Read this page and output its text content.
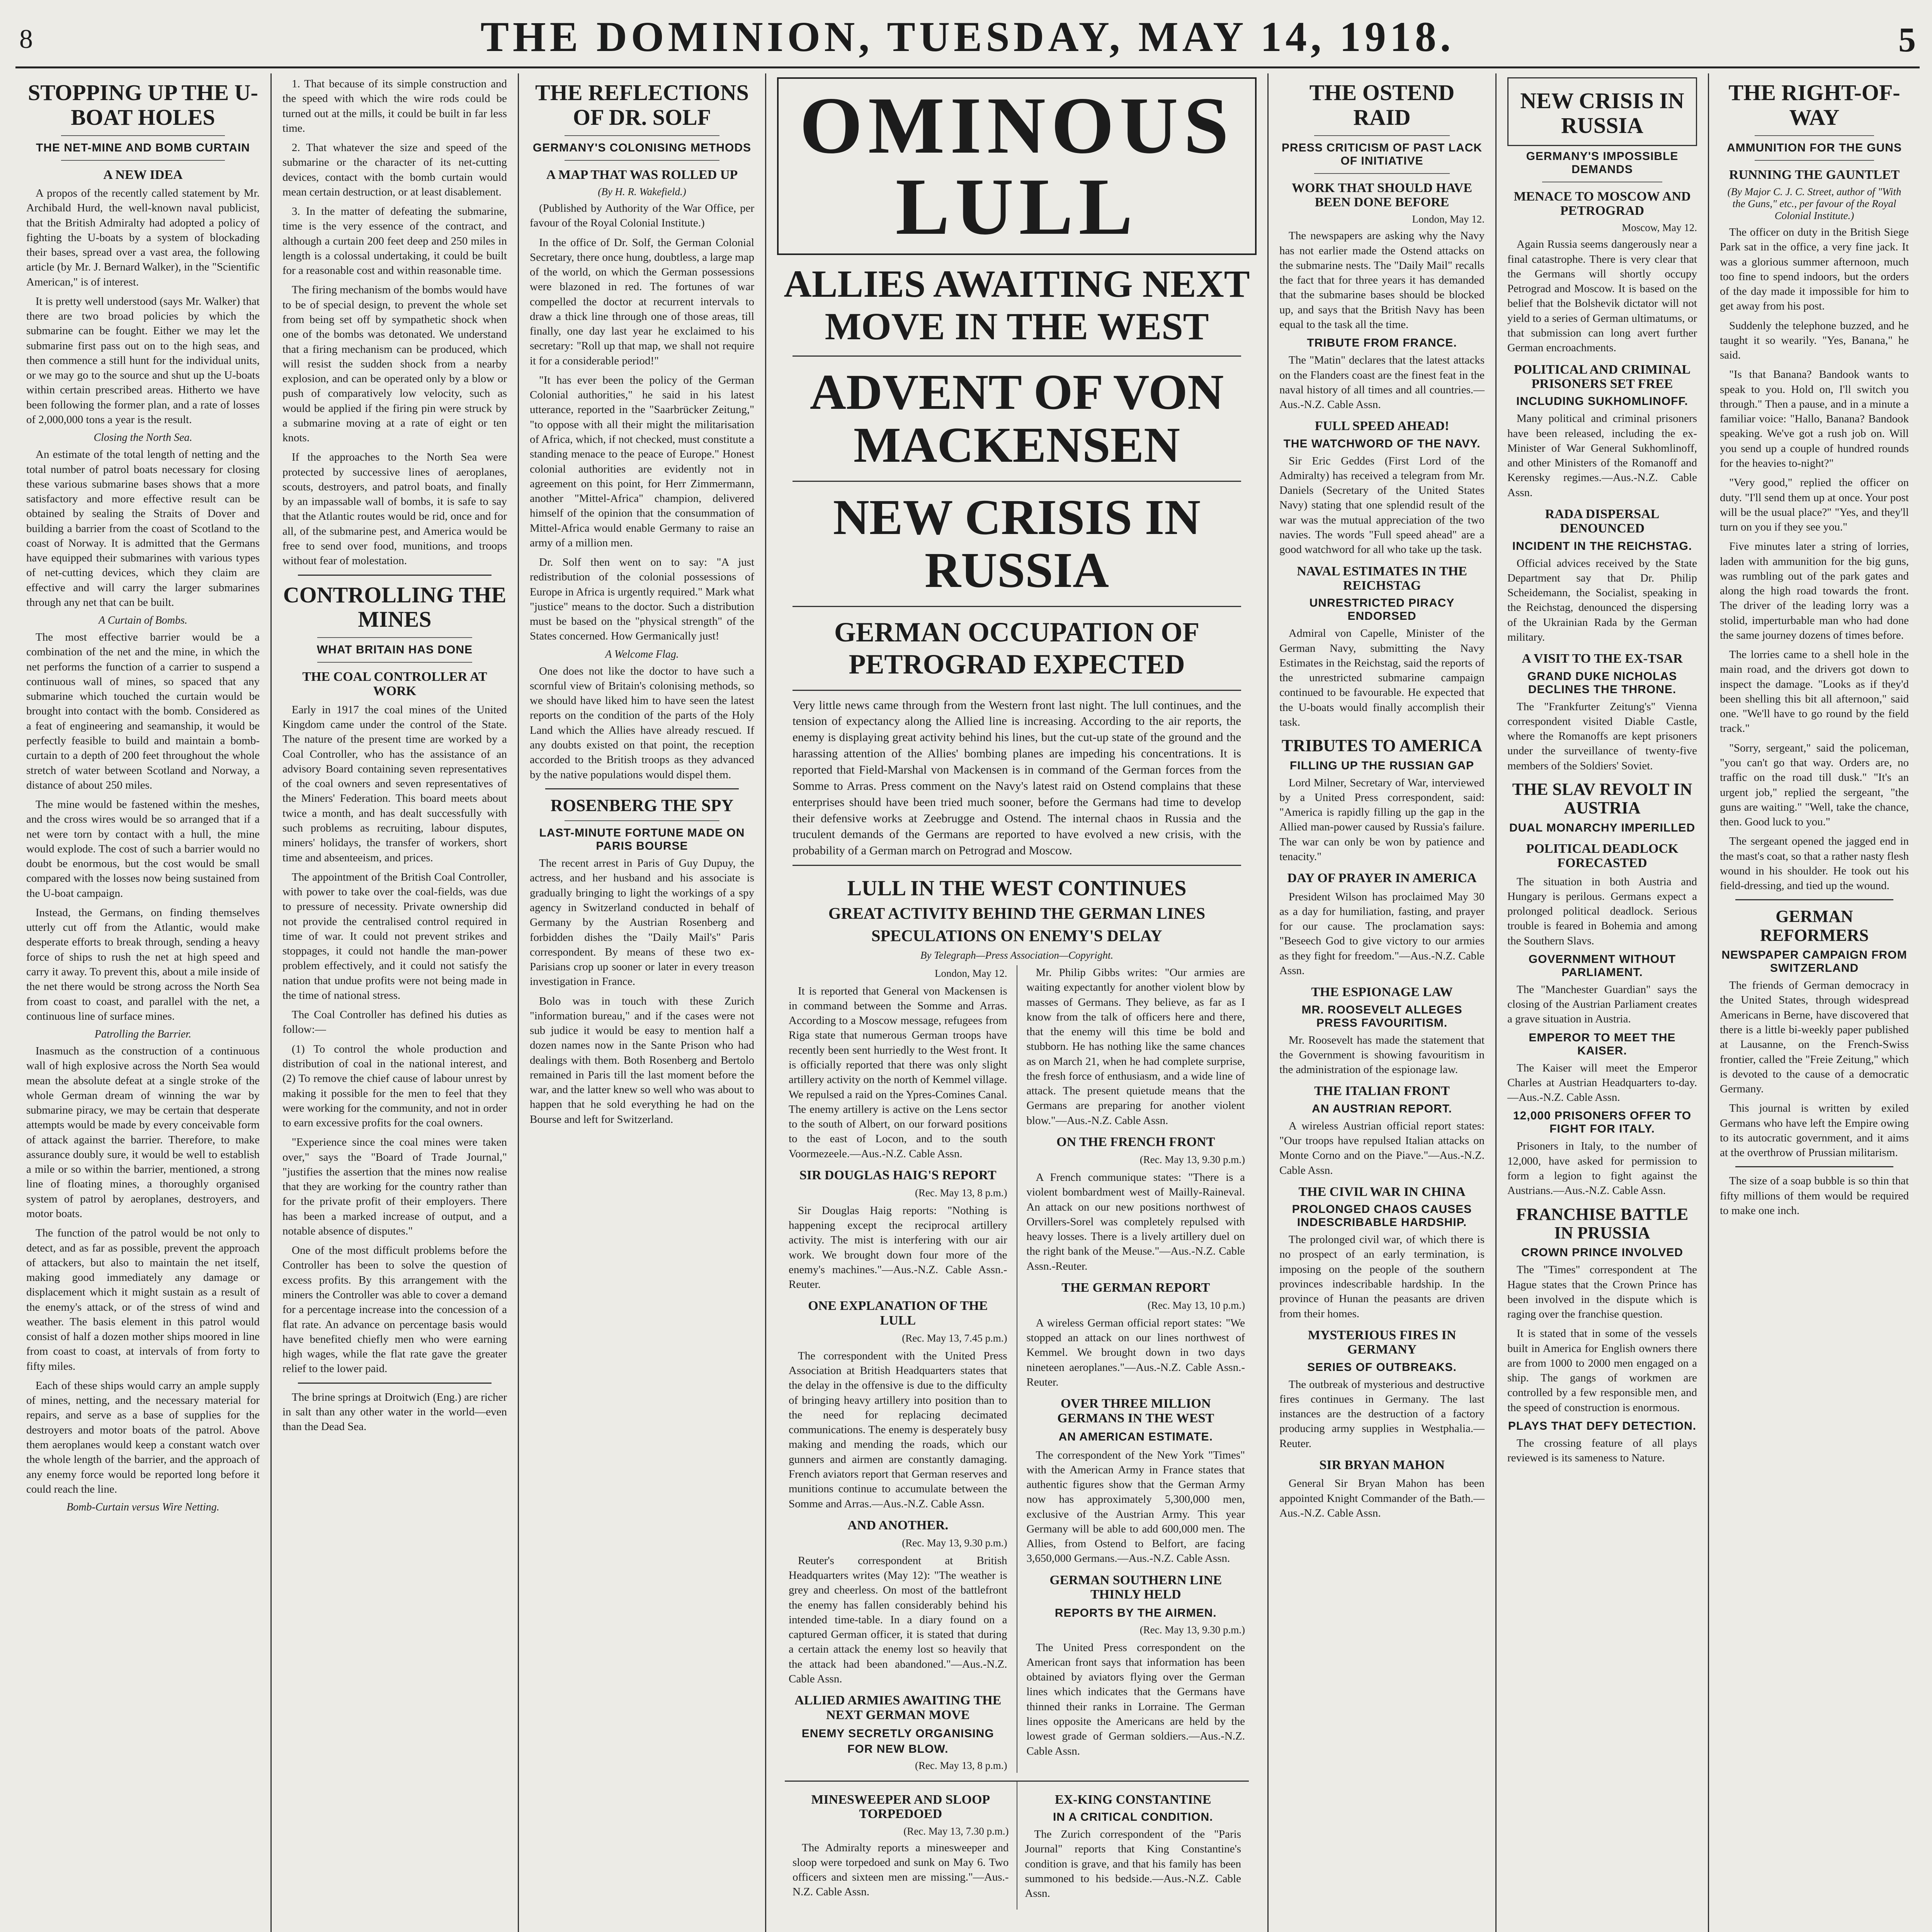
8	THE DOMINION, TUESDAY, MAY 14, 1918.	5
STOPPING UP THE U-BOAT HOLES
THE NET-MINE AND BOMB CURTAIN
A NEW IDEA

A propos of the recently called statement by Mr. Archibald Hurd, the well-known naval publicist, that the British Admiralty had adopted a policy of fighting the U-boats by a system of blockading their bases, spread over a vast area, the following article (by Mr. J. Bernard Walker), in the "Scientific American," is of interest.

It is pretty well understood (says Mr. Walker) that there are two broad policies by which the submarine can be fought. Either we may let the submarine first pass out on to the high seas, and then commence a still hunt for the individual units, or we may go to the source and shut up the U-boats within certain prescribed areas. Hitherto we have been following the former plan, and a rate of losses of 2,000,000 tons a year is the result.

Closing the North Sea.

An estimate of the total length of netting and the total number of patrol boats necessary for closing these various submarine bases shows that a more satisfactory and more effective result can be obtained by sealing the Straits of Dover and building a barrier from the coast of Scotland to the coast of Norway. It is admitted that the Germans have equipped their submarines with various types of net-cutting devices, which they claim are effective and will carry the larger submarines through any net that can be built.

A Curtain of Bombs.

The most effective barrier would be a combination of the net and the mine, in which the net performs the function of a carrier to suspend a continuous wall of mines, so spaced that any submarine which touched the curtain would be brought into contact with the bomb. Considered as a feat of engineering and seamanship, it would be perfectly feasible to build and maintain a bomb-curtain to a depth of 200 feet throughout the whole stretch of water between Scotland and Norway, a distance of about 250 miles.

The mine would be fastened within the meshes, and the cross wires would be so arranged that if a net were torn by contact with a hull, the mine would explode. The cost of such a barrier would no doubt be enormous, but the cost would be small compared with the losses now being sustained from the U-boat campaign.

Instead, the Germans, on finding themselves utterly cut off from the Atlantic, would make desperate efforts to break through, sending a heavy force of ships to rush the net at high speed and carry it away. To prevent this, about a mile inside of the net there would be strong across the North Sea from coast to coast, and parallel with the net, a continuous line of surface mines.

Patrolling the Barrier.

Inasmuch as the construction of a continuous wall of high explosive across the North Sea would mean the absolute defeat at a single stroke of the whole German dream of winning the war by submarine piracy, we may be certain that desperate attempts would be made by every conceivable form of attack against the barrier. Therefore, to make assurance doubly sure, it would be well to establish a mile or so within the barrier, mentioned, a strong line of floating mines, a thoroughly organised system of patrol by aeroplanes, destroyers, and motor boats.

The function of the patrol would be not only to detect, and as far as possible, prevent the approach of attackers, but also to maintain the net itself, making good immediately any damage or displacement which it might sustain as a result of the enemy's attack, or of the stress of wind and weather. The basis element in this patrol would consist of half a dozen mother ships moored in line from coast to coast, at intervals of from forty to fifty miles.

Each of these ships would carry an ample supply of mines, netting, and the necessary material for repairs, and serve as a base of supplies for the destroyers and motor boats of the patrol. Above them aeroplanes would keep a constant watch over the whole length of the barrier, and the approach of any enemy force would be reported long before it could reach the line.

Bomb-Curtain versus Wire Netting.

1. That because of its simple construction and the speed with which the wire rods could be turned out at the mills, it could be built in far less time.

2. That whatever the size and speed of the submarine or the character of its net-cutting devices, contact with the bomb curtain would mean certain destruction, or at least disablement.

3. In the matter of defeating the submarine, time is the very essence of the contract, and although a curtain 200 feet deep and 250 miles in length is a colossal undertaking, it could be built for a reasonable cost and within reasonable time.

The firing mechanism of the bombs would have to be of special design, to prevent the whole set from being set off by sympathetic shock when one of the bombs was detonated. We understand that a firing mechanism can be produced, which will resist the sudden shock from a nearby explosion, and can be operated only by a blow or push of comparatively low velocity, such as would be applied if the firing pin were struck by a submarine moving at a rate of eight or ten knots.

If the approaches to the North Sea were protected by successive lines of aeroplanes, scouts, destroyers, and patrol boats, and finally by an impassable wall of bombs, it is safe to say that the Atlantic routes would be rid, once and for all, of the submarine pest, and America would be free to send over food, munitions, and troops without fear of molestation.

CONTROLLING THE MINES
WHAT BRITAIN HAS DONE
THE COAL CONTROLLER AT WORK

Early in 1917 the coal mines of the United Kingdom came under the control of the State. The nature of the present time are worked by a Coal Controller, who has the assistance of an advisory Board containing seven representatives of the coal owners and seven representatives of the Miners' Federation. This board meets about twice a month, and has dealt successfully with such problems as recruiting, labour disputes, miners' holidays, the transfer of workers, short time and absenteeism, and prices.

The appointment of the British Coal Controller, with power to take over the coal-fields, was due to pressure of necessity. Private ownership did not provide the centralised control required in time of war. It could not prevent strikes and stoppages, it could not handle the man-power problem effectively, and it could not satisfy the nation that undue profits were not being made in the time of national stress.

The Coal Controller has defined his duties as follow:—

(1) To control the whole production and distribution of coal in the national interest, and (2) To remove the chief cause of labour unrest by making it possible for the men to feel that they were working for the community, and not in order to earn excessive profits for the coal owners.

"Experience since the coal mines were taken over," says the "Board of Trade Journal," "justifies the assertion that the mines now realise that they are working for the country rather than for the private profit of their employers. There has been a marked increase of output, and a notable absence of disputes."

One of the most difficult problems before the Controller has been to solve the question of excess profits. By this arrangement with the miners the Controller was able to cover a demand for a percentage increase into the concession of a flat rate. An advance on percentage basis would have benefited chiefly men who were earning high wages, while the flat rate gave the greater relief to the lower paid.

The brine springs at Droitwich (Eng.) are richer in salt than any other water in the world—even than the Dead Sea.

THE REFLECTIONS OF DR. SOLF
GERMANY'S COLONISING METHODS
A MAP THAT WAS ROLLED UP
(By H. R. Wakefield.)

(Published by Authority of the War Office, per favour of the Royal Colonial Institute.)

In the office of Dr. Solf, the German Colonial Secretary, there once hung, doubtless, a large map of the world, on which the German possessions were blazoned in red. The fortunes of war compelled the doctor at recurrent intervals to draw a thick line through one of those areas, till finally, one day last year he exclaimed to his secretary: "Roll up that map, we shall not require it for a considerable period!"

"It has ever been the policy of the German Colonial authorities," he said in his latest utterance, reported in the "Saarbrücker Zeitung," "to oppose with all their might the militarisation of Africa, which, if not checked, must constitute a standing menace to the peace of Europe." Honest colonial authorities are evidently not in agreement on this point, for Herr Zimmermann, another "Mittel-Africa" champion, delivered himself of the opinion that the consummation of Mittel-Africa would enable Germany to raise an army of a million men.

Dr. Solf then went on to say: "A just redistribution of the colonial possessions of Europe in Africa is urgently required." Mark what "justice" means to the doctor. Such a distribution must be based on the "physical strength" of the States concerned. How Germanically just!

A Welcome Flag.

One does not like the doctor to have such a scornful view of Britain's colonising methods, so we should have liked him to have seen the latest reports on the condition of the parts of the Holy Land which the Allies have already rescued. If any doubts existed on that point, the reception accorded to the British troops as they advanced by the native populations would dispel them.

ROSENBERG THE SPY
LAST-MINUTE FORTUNE MADE ON PARIS BOURSE

The recent arrest in Paris of Guy Dupuy, the actress, and her husband and his associate is gradually bringing to light the workings of a spy agency in Switzerland conducted in behalf of Germany by the Austrian Rosenberg and forbidden dishes the "Daily Mail's" Paris correspondent. By means of these two ex-Parisians crop up sooner or later in every treason investigation in France.

Bolo was in touch with these Zurich "information bureau," and if the cases were not sub judice it would be easy to mention half a dozen names now in the Sante Prison who had dealings with them. Both Rosenberg and Bertolo remained in Paris till the last moment before the war, and the latter knew so well who was about to happen that he sold everything he had on the Bourse and left for Switzerland.

OMINOUS LULL
ALLIES AWAITING NEXT MOVE IN THE WEST
ADVENT OF VON MACKENSEN
NEW CRISIS IN RUSSIA
GERMAN OCCUPATION OF PETROGRAD EXPECTED

Very little news came through from the Western front last night. The lull continues, and the tension of expectancy along the Allied line is increasing. According to the air reports, the enemy is displaying great activity behind his lines, but the cut-up state of the ground and the harassing attention of the Allies' bombing planes are impeding his concentrations. It is reported that Field-Marshal von Mackensen is in command of the German forces from the Somme to Arras. Press comment on the Navy's latest raid on Ostend complains that these enterprises should have been tried much sooner, before the Germans had time to develop their defensive works at Zeebrugge and Ostend. The internal chaos in Russia and the truculent demands of the Germans are reported to have evolved a new crisis, with the probability of a German march on Petrograd and Moscow.

LULL IN THE WEST CONTINUES
GREAT ACTIVITY BEHIND THE GERMAN LINES
SPECULATIONS ON ENEMY'S DELAY
By Telegraph—Press Association—Copyright.
London, May 12.

It is reported that General von Mackensen is in command between the Somme and Arras. According to a Moscow message, refugees from Riga state that numerous German troops have recently been sent hurriedly to the West front. It is officially reported that there was only slight artillery activity on the north of Kemmel village. We repulsed a raid on the Ypres-Comines Canal. The enemy artillery is active on the Lens sector to the south of Albert, on our forward positions to the east of Locon, and to the south Voormezeele.—Aus.-N.Z. Cable Assn.

SIR DOUGLAS HAIG'S REPORT
(Rec. May 13, 8 p.m.)

Sir Douglas Haig reports: "Nothing is happening except the reciprocal artillery activity. The mist is interfering with our air work. We brought down four more of the enemy's machines."—Aus.-N.Z. Cable Assn.-Reuter.

ONE EXPLANATION OF THE LULL
(Rec. May 13, 7.45 p.m.)

The correspondent with the United Press Association at British Headquarters states that the delay in the offensive is due to the difficulty of bringing heavy artillery into position than to the need for replacing decimated communications. The enemy is desperately busy making and mending the roads, which our gunners and airmen are constantly damaging. French aviators report that German reserves and munitions continue to accumulate between the Somme and Arras.—Aus.-N.Z. Cable Assn.

AND ANOTHER.
(Rec. May 13, 9.30 p.m.)

Reuter's correspondent at British Headquarters writes (May 12): "The weather is grey and cheerless. On most of the battlefront the enemy has fallen considerably behind his intended time-table. In a diary found on a captured German officer, it is stated that during a certain attack the enemy lost so heavily that the attack had been abandoned."—Aus.-N.Z. Cable Assn.

ALLIED ARMIES AWAITING THE NEXT GERMAN MOVE
ENEMY SECRETLY ORGANISING FOR NEW BLOW.
(Rec. May 13, 8 p.m.)

Mr. Philip Gibbs writes: "Our armies are waiting expectantly for another violent blow by masses of Germans. They believe, as far as I know from the talk of officers here and there, that the enemy will this time be bold and stubborn. He has nothing like the same chances as on March 21, when he had complete surprise, the fresh force of enthusiasm, and a wide line of attack. The present quietude means that the Germans are preparing for another violent blow."—Aus.-N.Z. Cable Assn.

ON THE FRENCH FRONT
(Rec. May 13, 9.30 p.m.)

A French communique states: "There is a violent bombardment west of Mailly-Raineval. An attack on our new positions northwest of Orvillers-Sorel was completely repulsed with heavy losses. There is a lively artillery duel on the right bank of the Meuse."—Aus.-N.Z. Cable Assn.-Reuter.

THE GERMAN REPORT
(Rec. May 13, 10 p.m.)

A wireless German official report states: "We stopped an attack on our lines northwest of Kemmel. We brought down in two days nineteen aeroplanes."—Aus.-N.Z. Cable Assn.-Reuter.

OVER THREE MILLION GERMANS IN THE WEST
AN AMERICAN ESTIMATE.

The correspondent of the New York "Times" with the American Army in France states that authentic figures show that the German Army now has approximately 5,300,000 men, exclusive of the Austrian Army. This year Germany will be able to add 600,000 men. The Allies, from Ostend to Belfort, are facing 3,650,000 Germans.—Aus.-N.Z. Cable Assn.

GERMAN SOUTHERN LINE THINLY HELD
REPORTS BY THE AIRMEN.
(Rec. May 13, 9.30 p.m.)

The United Press correspondent on the American front says that information has been obtained by aviators flying over the German lines which indicates that the Germans have thinned their ranks in Lorraine. The German lines opposite the Americans are held by the lowest grade of German soldiers.—Aus.-N.Z. Cable Assn.

MINESWEEPER AND SLOOP TORPEDOED
(Rec. May 13, 7.30 p.m.)

The Admiralty reports a minesweeper and sloop were torpedoed and sunk on May 6. Two officers and sixteen men are missing."—Aus.-N.Z. Cable Assn.

EX-KING CONSTANTINE
IN A CRITICAL CONDITION.

The Zurich correspondent of the "Paris Journal" reports that King Constantine's condition is grave, and that his family has been summoned to his bedside.—Aus.-N.Z. Cable Assn.

THE OSTEND RAID
PRESS CRITICISM OF PAST LACK OF INITIATIVE
WORK THAT SHOULD HAVE BEEN DONE BEFORE
London, May 12.

The newspapers are asking why the Navy has not earlier made the Ostend attacks on the submarine nests. The "Daily Mail" recalls the fact that for three years it has demanded that the submarine bases should be blocked up, and says that the British Navy has been equal to the task all the time.

TRIBUTE FROM FRANCE.

The "Matin" declares that the latest attacks on the Flanders coast are the finest feat in the naval history of all times and all countries.—Aus.-N.Z. Cable Assn.

FULL SPEED AHEAD!
THE WATCHWORD OF THE NAVY.

Sir Eric Geddes (First Lord of the Admiralty) has received a telegram from Mr. Daniels (Secretary of the United States Navy) stating that one splendid result of the war was the mutual appreciation of the two navies. The words "Full speed ahead" are a good watchword for all who take up the task.

NAVAL ESTIMATES IN THE REICHSTAG
UNRESTRICTED PIRACY ENDORSED

Admiral von Capelle, Minister of the German Navy, submitting the Navy Estimates in the Reichstag, said the reports of the unrestricted submarine campaign continued to be favourable. He expected that the U-boats would finally accomplish their task.

TRIBUTES TO AMERICA
FILLING UP THE RUSSIAN GAP

Lord Milner, Secretary of War, interviewed by a United Press correspondent, said: "America is rapidly filling up the gap in the Allied man-power caused by Russia's failure. The war can only be won by patience and tenacity."

DAY OF PRAYER IN AMERICA

President Wilson has proclaimed May 30 as a day for humiliation, fasting, and prayer for our cause. The proclamation says: "Beseech God to give victory to our armies as they fight for freedom."—Aus.-N.Z. Cable Assn.

THE ESPIONAGE LAW
MR. ROOSEVELT ALLEGES PRESS FAVOURITISM.

Mr. Roosevelt has made the statement that the Government is showing favouritism in the administration of the espionage law.

THE ITALIAN FRONT
AN AUSTRIAN REPORT.

A wireless Austrian official report states: "Our troops have repulsed Italian attacks on Monte Corno and on the Piave."—Aus.-N.Z. Cable Assn.

THE CIVIL WAR IN CHINA
PROLONGED CHAOS CAUSES INDESCRIBABLE HARDSHIP.

The prolonged civil war, of which there is no prospect of an early termination, is imposing on the people of the southern provinces indescribable hardship. In the province of Hunan the peasants are driven from their homes.

MYSTERIOUS FIRES IN GERMANY
SERIES OF OUTBREAKS.

The outbreak of mysterious and destructive fires continues in Germany. The last instances are the destruction of a factory producing army supplies in Westphalia.—Reuter.

SIR BRYAN MAHON

General Sir Bryan Mahon has been appointed Knight Commander of the Bath.—Aus.-N.Z. Cable Assn.

NEW CRISIS IN RUSSIA
GERMANY'S IMPOSSIBLE DEMANDS
MENACE TO MOSCOW AND PETROGRAD
Moscow, May 12.

Again Russia seems dangerously near a final catastrophe. There is very clear that the Germans will shortly occupy Petrograd and Moscow. It is based on the belief that the Bolshevik dictator will not yield to a series of German ultimatums, or that submission can long avert further German encroachments.

POLITICAL AND CRIMINAL PRISONERS SET FREE
INCLUDING SUKHOMLINOFF.

Many political and criminal prisoners have been released, including the ex-Minister of War General Sukhomlinoff, and other Ministers of the Romanoff and Kerensky regimes.—Aus.-N.Z. Cable Assn.

RADA DISPERSAL DENOUNCED
INCIDENT IN THE REICHSTAG.

Official advices received by the State Department say that Dr. Philip Scheidemann, the Socialist, speaking in the Reichstag, denounced the dispersing of the Ukrainian Rada by the German military.

A VISIT TO THE EX-TSAR
GRAND DUKE NICHOLAS DECLINES THE THRONE.

The "Frankfurter Zeitung's" Vienna correspondent visited Diable Castle, where the Romanoffs are kept prisoners under the surveillance of twenty-five members of the Soldiers' Soviet.

THE SLAV REVOLT IN AUSTRIA
DUAL MONARCHY IMPERILLED
POLITICAL DEADLOCK FORECASTED

The situation in both Austria and Hungary is perilous. Germans expect a prolonged political deadlock. Serious trouble is feared in Bohemia and among the Southern Slavs.

GOVERNMENT WITHOUT PARLIAMENT.

The "Manchester Guardian" says the closing of the Austrian Parliament creates a grave situation in Austria.

EMPEROR TO MEET THE KAISER.

The Kaiser will meet the Emperor Charles at Austrian Headquarters to-day.—Aus.-N.Z. Cable Assn.

12,000 PRISONERS OFFER TO FIGHT FOR ITALY.

Prisoners in Italy, to the number of 12,000, have asked for permission to form a legion to fight against the Austrians.—Aus.-N.Z. Cable Assn.

FRANCHISE BATTLE IN PRUSSIA
CROWN PRINCE INVOLVED

The "Times" correspondent at The Hague states that the Crown Prince has been involved in the dispute which is raging over the franchise question.

It is stated that in some of the vessels built in America for English owners there are from 1000 to 2000 men engaged on a ship. The gangs of workmen are controlled by a few responsible men, and the speed of construction is enormous.

PLAYS THAT DEFY DETECTION.

The crossing feature of all plays reviewed is its sameness to Nature.

THE RIGHT-OF-WAY
AMMUNITION FOR THE GUNS
RUNNING THE GAUNTLET
(By Major C. J. C. Street, author of "With the Guns," etc., per favour of the Royal Colonial Institute.)

The officer on duty in the British Siege Park sat in the office, a very fine jack. It was a glorious summer afternoon, much too fine to spend indoors, but the orders of the day made it impossible for him to get away from his post.

Suddenly the telephone buzzed, and he taught it so wearily. "Yes, Banana," he said.

"Is that Banana? Bandook wants to speak to you. Hold on, I'll switch you through." Then a pause, and in a minute a familiar voice: "Hallo, Banana? Bandook speaking. We've got a rush job on. Will you send up a couple of hundred rounds for the heavies to-night?"

"Very good," replied the officer on duty. "I'll send them up at once. Your post will be the usual place?" "Yes, and they'll turn on you if they see you."

Five minutes later a string of lorries, laden with ammunition for the big guns, was rumbling out of the park gates and along the high road towards the front. The driver of the leading lorry was a stolid, imperturbable man who had done the same journey dozens of times before.

The lorries came to a shell hole in the main road, and the drivers got down to inspect the damage. "Looks as if they'd been shelling this bit all afternoon," said one. "We'll have to go round by the field track."

"Sorry, sergeant," said the policeman, "you can't go that way. Orders are, no traffic on the road till dusk." "It's an urgent job," replied the sergeant, "the guns are waiting." "Well, take the chance, then. Good luck to you."

The sergeant opened the jagged end in the mast's coat, so that a rather nasty flesh wound in his shoulder. He took out his field-dressing, and tied up the wound.

GERMAN REFORMERS
NEWSPAPER CAMPAIGN FROM SWITZERLAND

The friends of German democracy in the United States, through widespread Americans in Berne, have discovered that there is a little bi-weekly paper published at Lausanne, on the French-Swiss frontier, called the "Freie Zeitung," which is devoted to the cause of a democratic Germany.

This journal is written by exiled Germans who have left the Empire owing to its autocratic government, and it aims at the overthrow of Prussian militarism.

The size of a soap bubble is so thin that fifty millions of them would be required to make one inch.
